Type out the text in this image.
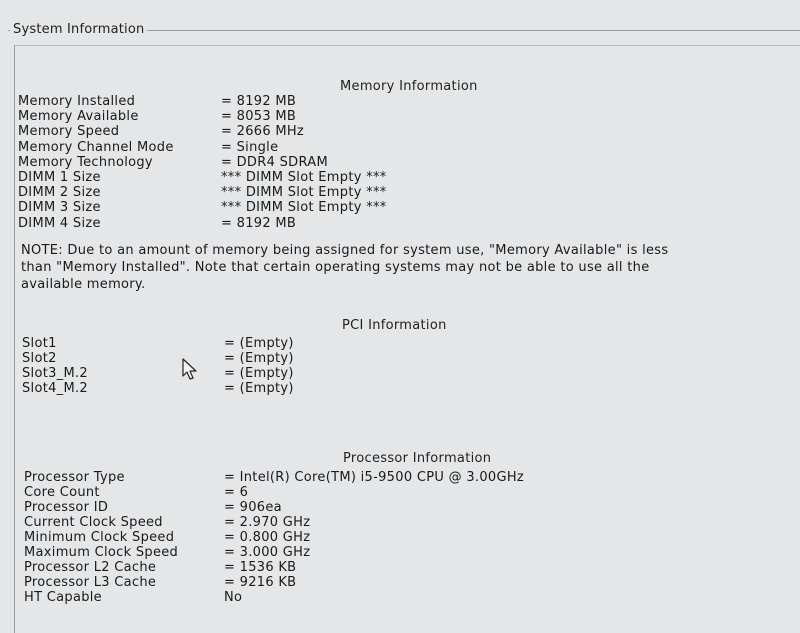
System Information
Memory Information
Memory Installed	= 8192 MB
Memory Available	= 8053 MB
Memory Speed	= 2666 MHz
Memory Channel Mode	= Single
Memory Technology	= DDR4 SDRAM
DIMM 1 Size	*** DIMM Slot Empty ***
DIMM 2 Size	*** DIMM Slot Empty ***
DIMM 3 Size	*** DIMM Slot Empty ***
DIMM 4 Size	= 8192 MB
NOTE: Due to an amount of memory being assigned for system use, "Memory Available" is less
than "Memory Installed". Note that certain operating systems may not be able to use all the
available memory.
PCI Information
Slot1	= (Empty)
Slot2	= (Empty)
Slot3_M.2	= (Empty)
Slot4_M.2	= (Empty)
Processor Information
Processor Type	= Intel(R) Core(TM) i5-9500 CPU @ 3.00GHz
Core Count	= 6
Processor ID	= 906ea
Current Clock Speed	= 2.970 GHz
Minimum Clock Speed	= 0.800 GHz
Maximum Clock Speed	= 3.000 GHz
Processor L2 Cache	= 1536 KB
Processor L3 Cache	= 9216 KB
HT Capable	No
